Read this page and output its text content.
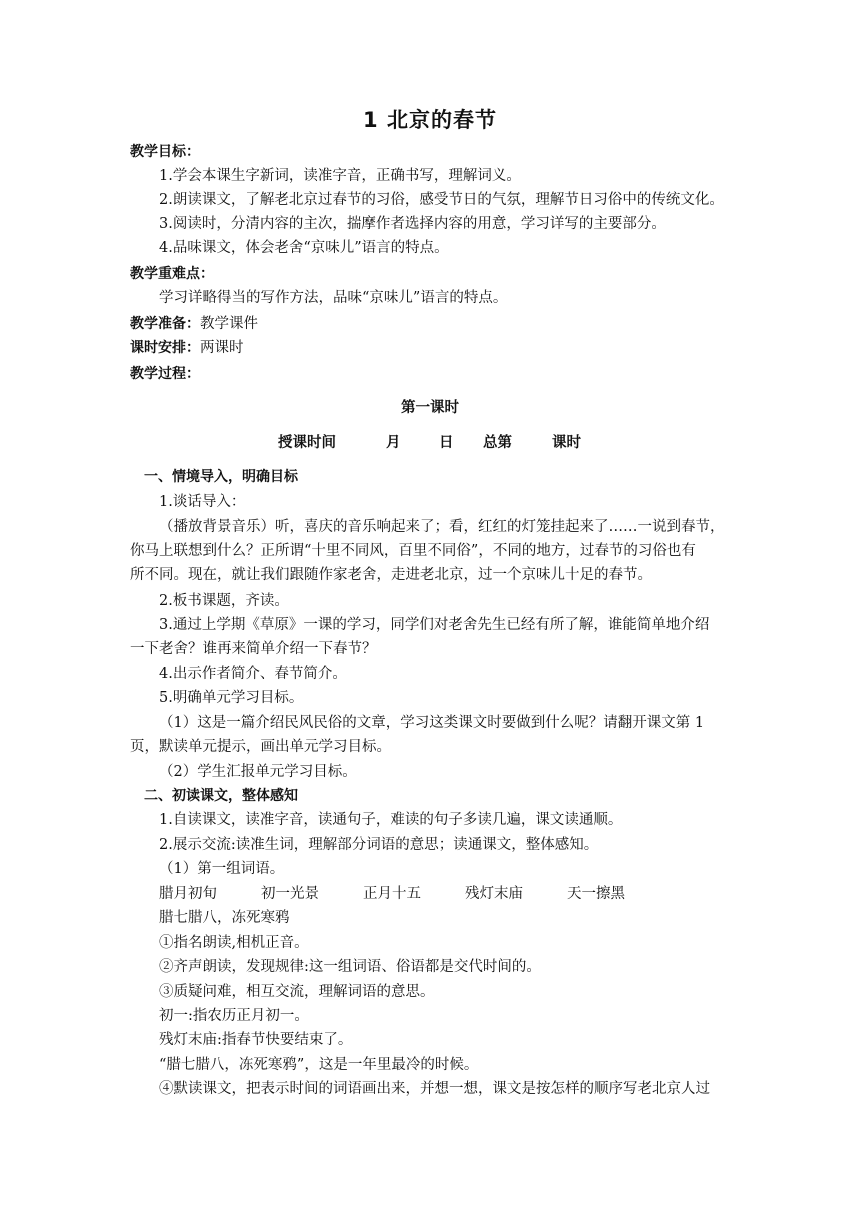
1 北京的春节
教学目标：
1.学会本课生字新词，读准字音，正确书写，理解词义。
2.朗读课文，了解老北京过春节的习俗，感受节日的气氛，理解节日习俗中的传统文化。
3.阅读时，分清内容的主次，揣摩作者选择内容的用意，学习详写的主要部分。
4.品味课文，体会老舍“京味儿”语言的特点。
教学重难点：
学习详略得当的写作方法，品味“京味儿”语言的特点。
教学准备：教学课件
课时安排：两课时
教学过程：
第一课时
授课时间	月	日 总第	课时
一、情境导入，明确目标
1.谈话导入：
（播放背景音乐）听，喜庆的音乐响起来了；看，红红的灯笼挂起来了……一说到春节，
你马上联想到什么？正所谓“十里不同风，百里不同俗”，不同的地方，过春节的习俗也有
所不同。现在，就让我们跟随作家老舍，走进老北京，过一个京味儿十足的春节。
2.板书课题，齐读。
3.通过上学期《草原》一课的学习，同学们对老舍先生已经有所了解，谁能简单地介绍
一下老舍？谁再来简单介绍一下春节？
4.出示作者简介、春节简介。
5.明确单元学习目标。
（1）这是一篇介绍民风民俗的文章，学习这类课文时要做到什么呢？请翻开课文第 1
页，默读单元提示，画出单元学习目标。
（2）学生汇报单元学习目标。
二、初读课文，整体感知
1.自读课文，读准字音，读通句子，难读的句子多读几遍，课文读通顺。
2.展示交流:读准生词，理解部分词语的意思；读通课文，整体感知。
（1）第一组词语。
腊月初旬	初一光景	正月十五	残灯末庙	天一擦黑
腊七腊八，冻死寒鸦
①指名朗读,相机正音。
②齐声朗读，发现规律:这一组词语、俗语都是交代时间的。
③质疑问难，相互交流，理解词语的意思。
初一:指农历正月初一。
残灯末庙:指春节快要结束了。
“腊七腊八，冻死寒鸦”，这是一年里最冷的时候。
④默读课文，把表示时间的词语画出来，并想一想，课文是按怎样的顺序写老北京人过
